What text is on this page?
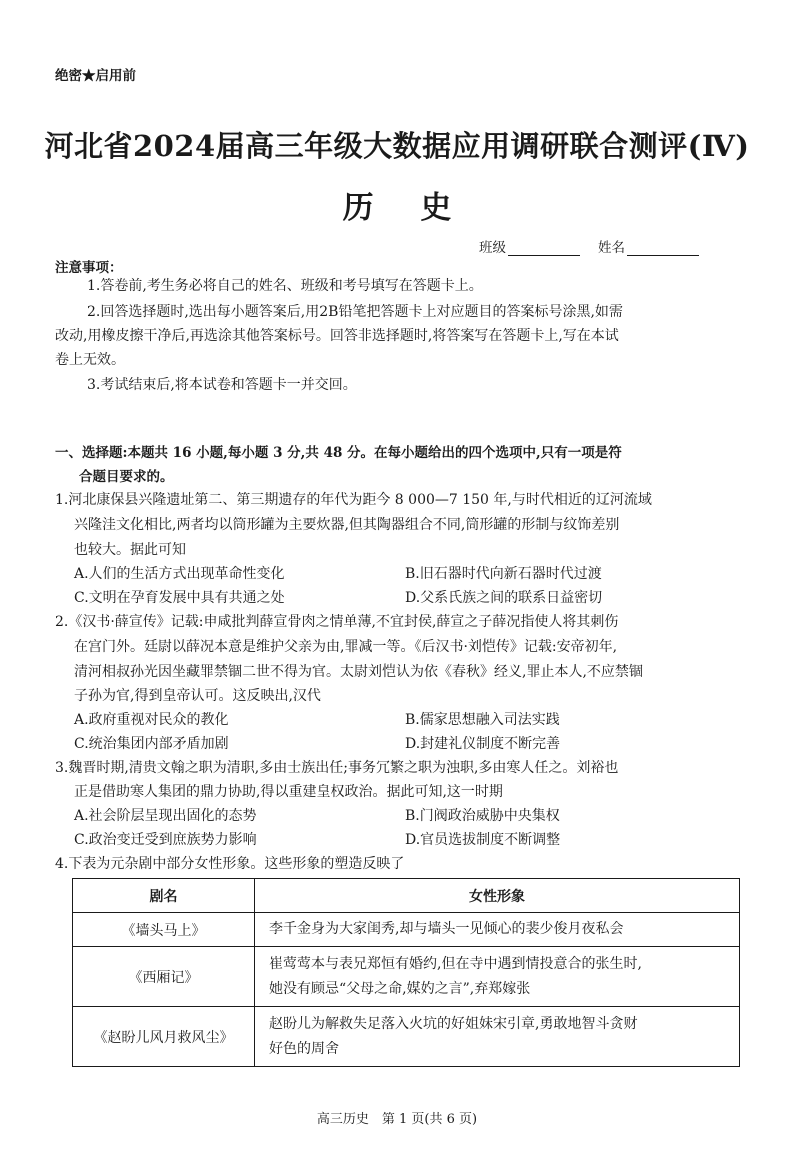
绝密★启用前
河北省2024届高三年级大数据应用调研联合测评(Ⅳ)
历 史
班级	姓名
注意事项：
1.答卷前,考生务必将自己的姓名、班级和考号填写在答题卡上。
2.回答选择题时,选出每小题答案后,用2B铅笔把答题卡上对应题目的答案标号涂黑,如需
改动,用橡皮擦干净后,再选涂其他答案标号。回答非选择题时,将答案写在答题卡上,写在本试
卷上无效。
3.考试结束后,将本试卷和答题卡一并交回。
一、选择题:本题共 16 小题,每小题 3 分,共 48 分。在每小题给出的四个选项中,只有一项是符
合题目要求的。
1.河北康保县兴隆遗址第二、第三期遗存的年代为距今 8 000—7 150 年,与时代相近的辽河流域
兴隆洼文化相比,两者均以筒形罐为主要炊器,但其陶器组合不同,筒形罐的形制与纹饰差别
也较大。据此可知
A.人们的生活方式出现革命性变化	B.旧石器时代向新石器时代过渡
C.文明在孕育发展中具有共通之处	D.父系氏族之间的联系日益密切
2.《汉书·薛宣传》记载:申咸批判薛宣骨肉之情单薄,不宜封侯,薛宣之子薛况指使人将其刺伤
在宫门外。廷尉以薛况本意是维护父亲为由,罪减一等。《后汉书·刘恺传》记载:安帝初年,
清河相叔孙光因坐藏罪禁锢二世不得为官。太尉刘恺认为依《春秋》经义,罪止本人,不应禁锢
子孙为官,得到皇帝认可。这反映出,汉代
A.政府重视对民众的教化	B.儒家思想融入司法实践
C.统治集团内部矛盾加剧	D.封建礼仪制度不断完善
3.魏晋时期,清贵文翰之职为清职,多由士族出任;事务冗繁之职为浊职,多由寒人任之。刘裕也
正是借助寒人集团的鼎力协助,得以重建皇权政治。据此可知,这一时期
A.社会阶层呈现出固化的态势	B.门阀政治威胁中央集权
C.政治变迁受到庶族势力影响	D.官员选拔制度不断调整
4.下表为元杂剧中部分女性形象。这些形象的塑造反映了
剧名	女性形象
《墙头马上》	李千金身为大家闺秀,却与墙头一见倾心的裴少俊月夜私会

《西厢记》	崔莺莺本与表兄郑恒有婚约,但在寺中遇到情投意合的张生时,
她没有顾忌“父母之命,媒妁之言”,弃郑嫁张

《赵盼儿风月救风尘》	赵盼儿为解救失足落入火坑的好姐妹宋引章,勇敢地智斗贪财
好色的周舍
高三历史　第 1 页(共 6 页)
